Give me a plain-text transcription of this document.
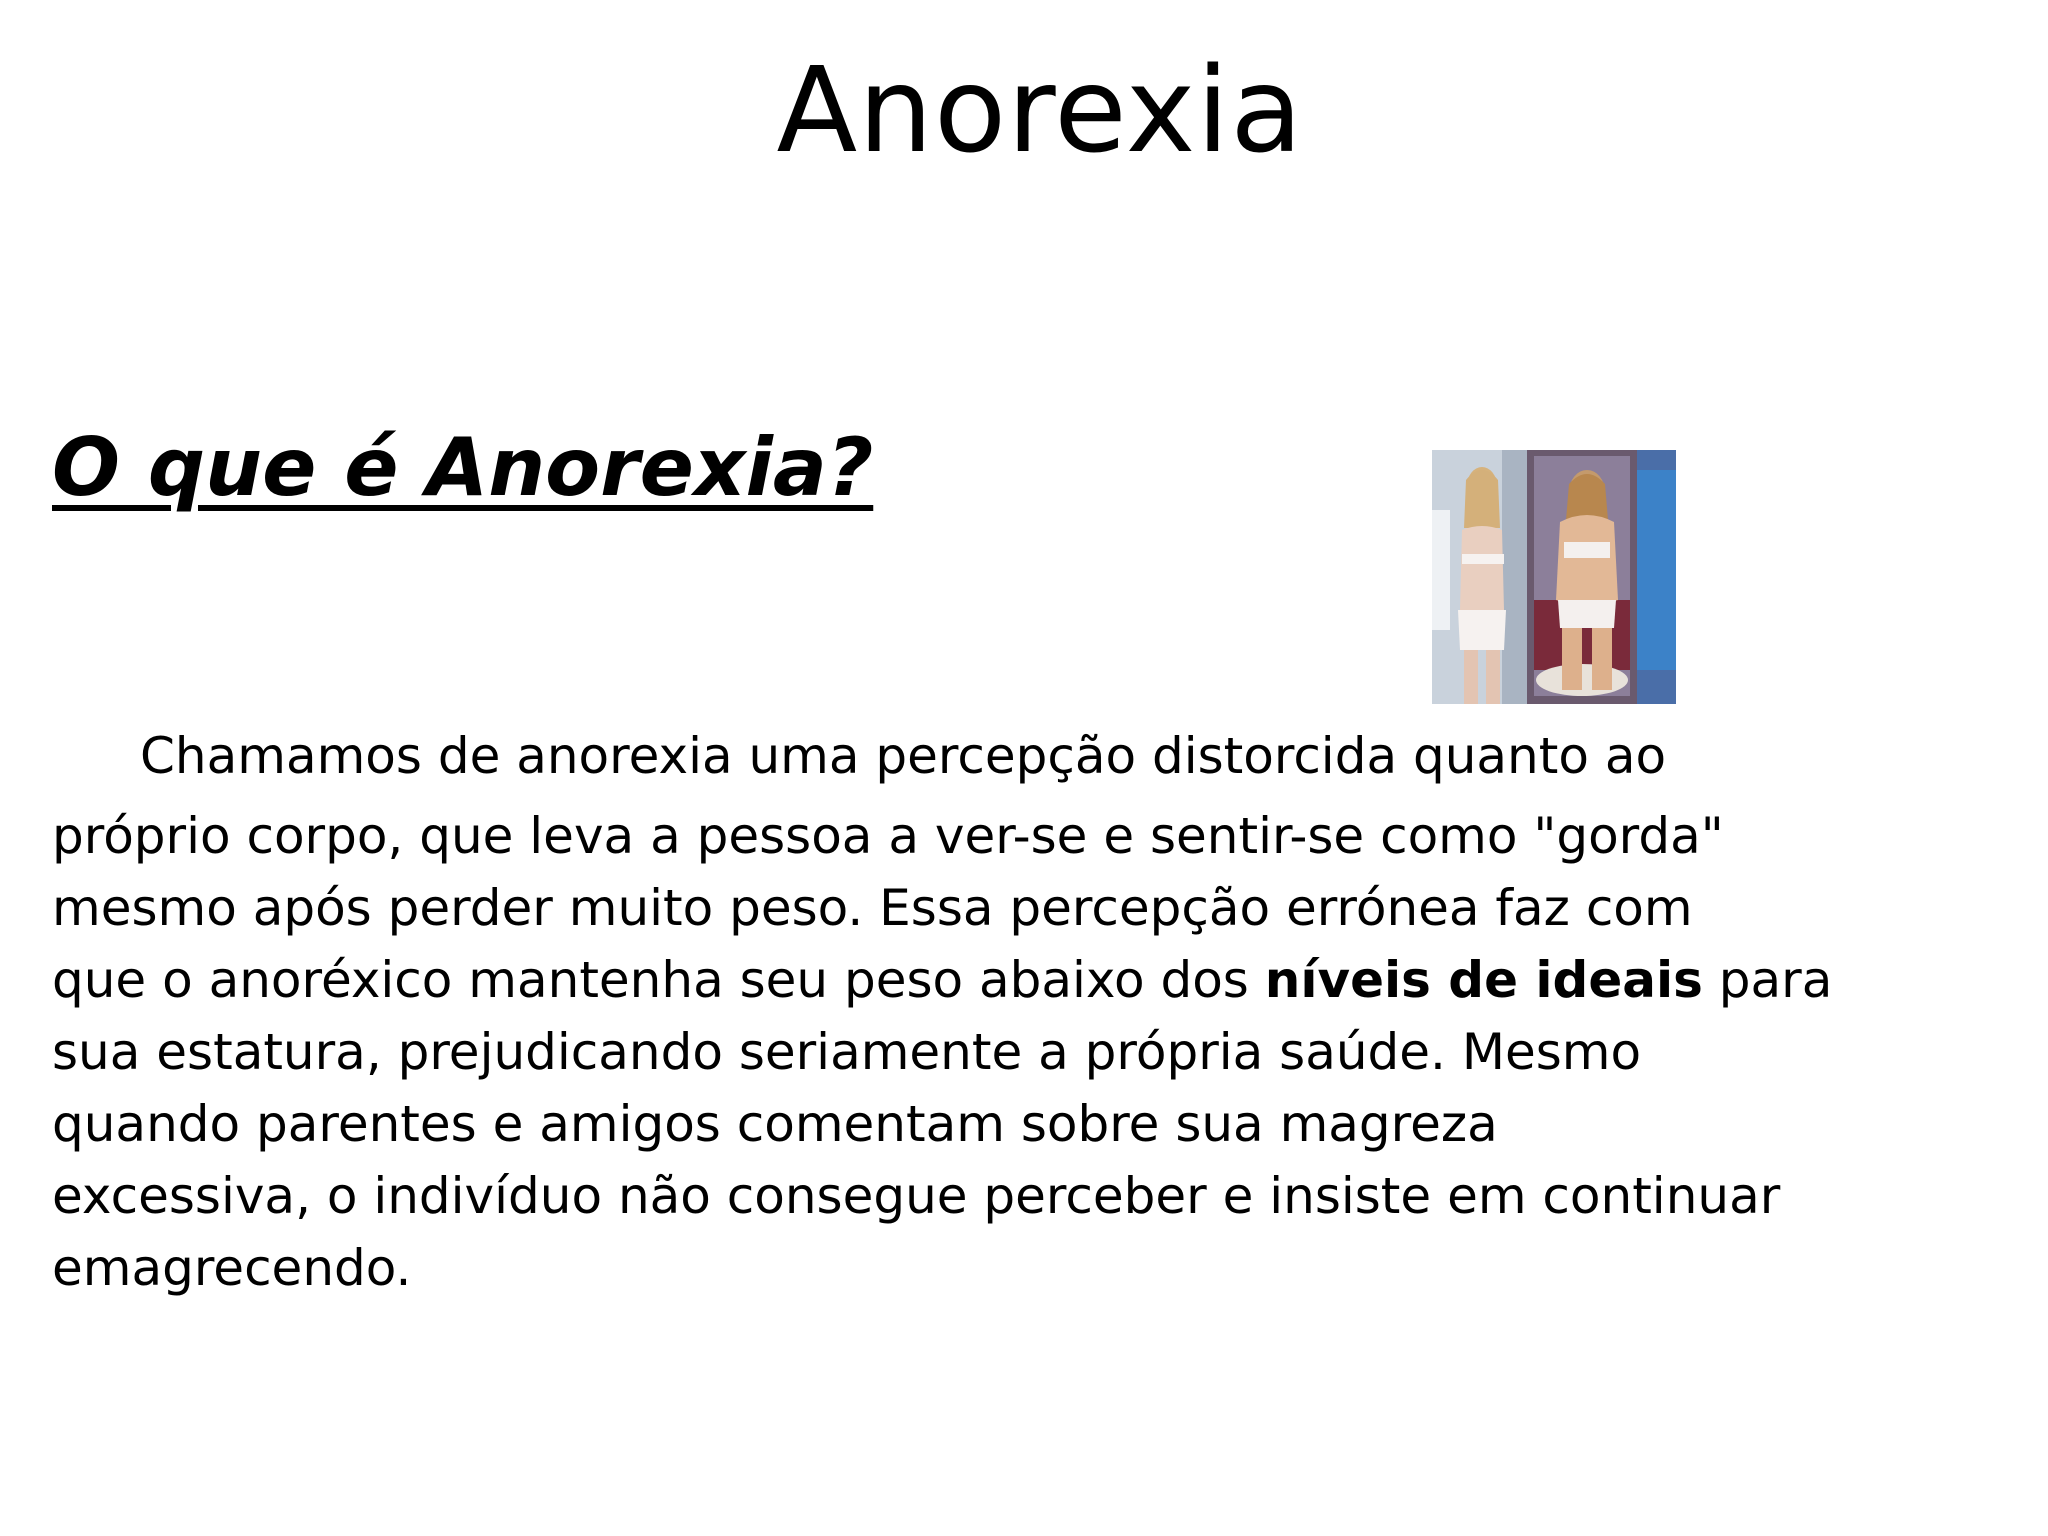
Anorexia
O que é Anorexia?
Chamamos de anorexia uma percepção distorcida quanto ao
próprio corpo, que leva a pessoa a ver-se e sentir-se como "gorda"
mesmo após perder muito peso. Essa percepção errónea faz com
que o anoréxico mantenha seu peso abaixo dos níveis de ideais para
sua estatura, prejudicando seriamente a própria saúde. Mesmo
quando parentes e amigos comentam sobre sua magreza
excessiva, o indivíduo não consegue perceber e insiste em continuar
emagrecendo.
